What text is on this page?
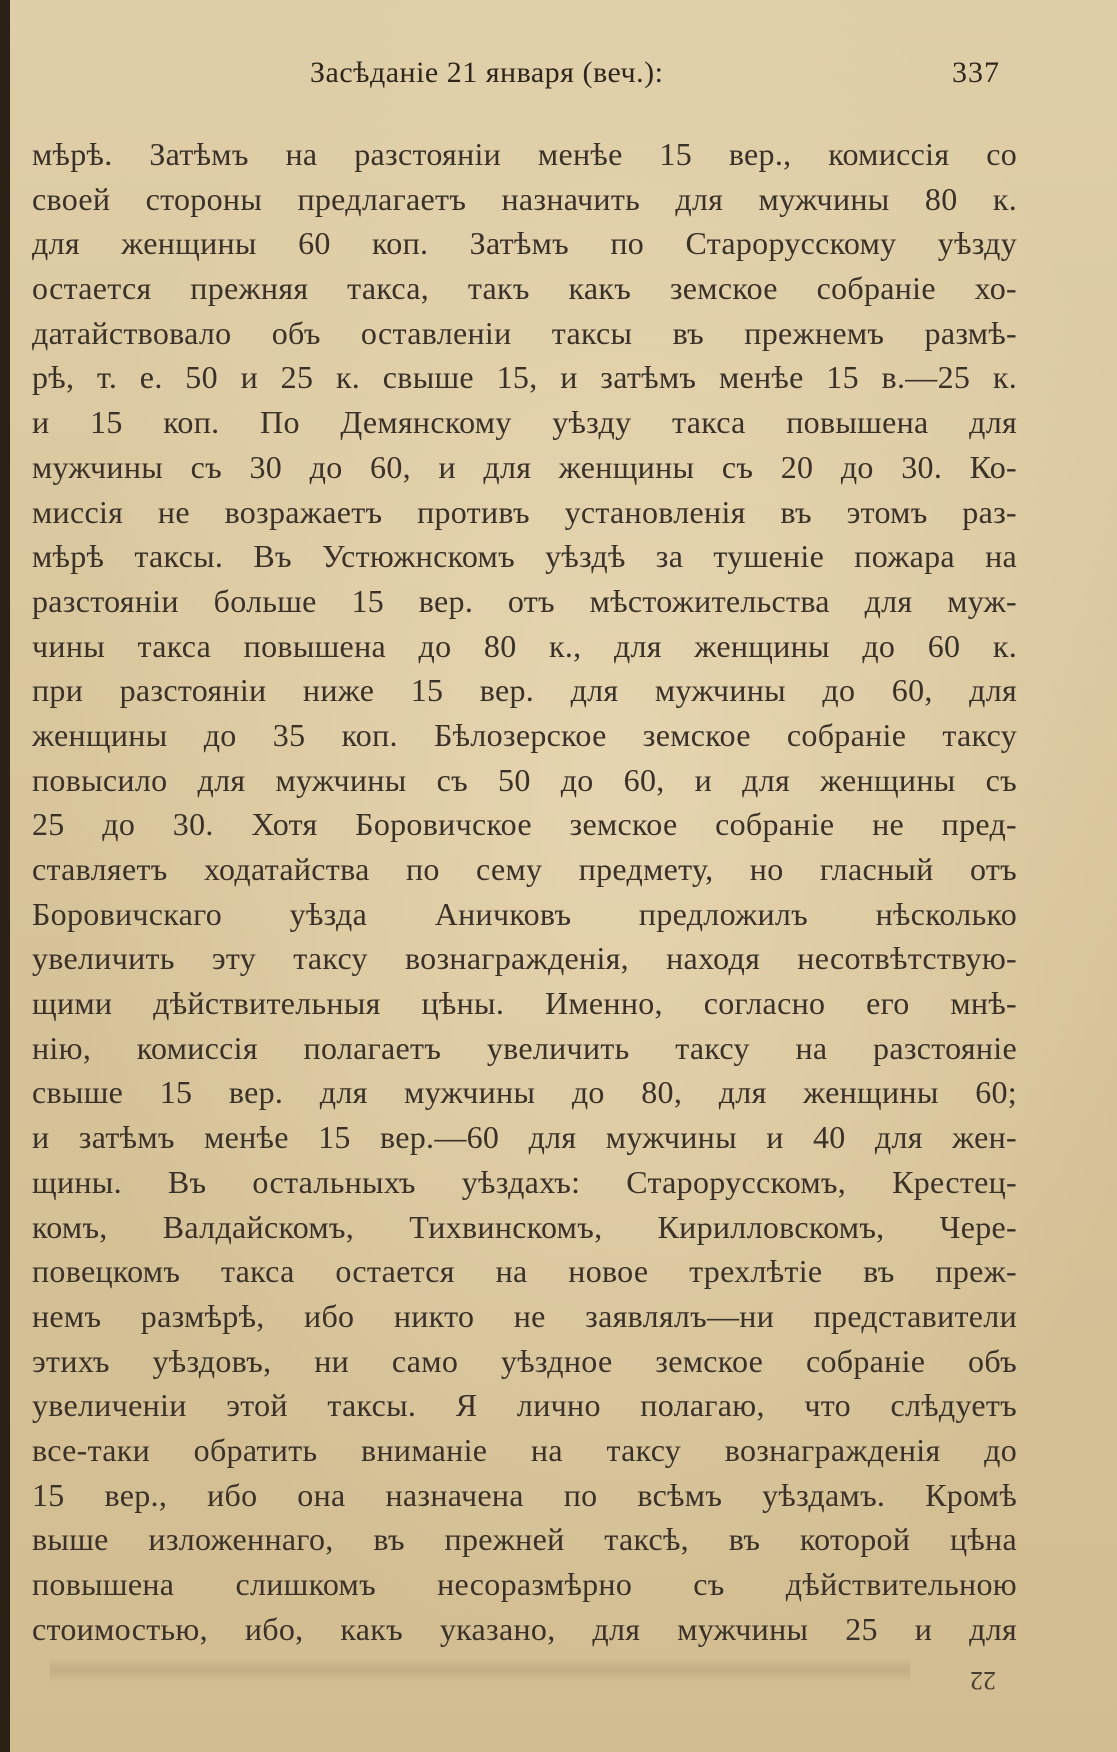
Засѣданіе 21 января (веч.):	337
мѣрѣ. Затѣмъ на разстояніи менѣе 15 вер., комиссія со
своей стороны предлагаетъ назначить для мужчины 80 к.
для женщины 60 коп. Затѣмъ по Старорусскому уѣзду
остается прежняя такса, такъ какъ земское собраніе хо-
датайствовало объ оставленіи таксы въ прежнемъ размѣ-
рѣ, т. е. 50 и 25 к. свыше 15, и затѣмъ менѣе 15 в.—25 к.
и 15 коп. По Демянскому уѣзду такса повышена для
мужчины съ 30 до 60, и для женщины съ 20 до 30. Ко-
миссія не возражаетъ противъ установленія въ этомъ раз-
мѣрѣ таксы. Въ Устюжнскомъ уѣздѣ за тушеніе пожара на
разстояніи больше 15 вер. отъ мѣстожительства для муж-
чины такса повышена до 80 к., для женщины до 60 к.
при разстояніи ниже 15 вер. для мужчины до 60, для
женщины до 35 коп. Бѣлозерское земское собраніе таксу
повысило для мужчины съ 50 до 60, и для женщины съ
25 до 30. Хотя Боровичское земское собраніе не пред-
ставляетъ ходатайства по сему предмету, но гласный отъ
Боровичскаго уѣзда Аничковъ предложилъ нѣсколько
увеличить эту таксу вознагражденія, находя несотвѣтствую-
щими дѣйствительныя цѣны. Именно, согласно его мнѣ-
нію, комиссія полагаетъ увеличить таксу на разстояніе
свыше 15 вер. для мужчины до 80, для женщины 60;
и затѣмъ менѣе 15 вер.—60 для мужчины и 40 для жен-
щины. Въ остальныхъ уѣздахъ: Старорусскомъ, Крестец-
комъ, Валдайскомъ, Тихвинскомъ, Кирилловскомъ, Чере-
повецкомъ такса остается на новое трехлѣтіе въ преж-
немъ размѣрѣ, ибо никто не заявлялъ—ни представители
этихъ уѣздовъ, ни само уѣздное земское собраніе объ
увеличеніи этой таксы. Я лично полагаю, что слѣдуетъ
все-таки обратить вниманіе на таксу вознагражденія до
15 вер., ибо она назначена по всѣмъ уѣздамъ. Кромѣ
выше изложеннаго, въ прежней таксѣ, въ которой цѣна
повышена слишкомъ несоразмѣрно съ дѣйствительною
стоимостью, ибо, какъ указано, для мужчины 25 и для
22
